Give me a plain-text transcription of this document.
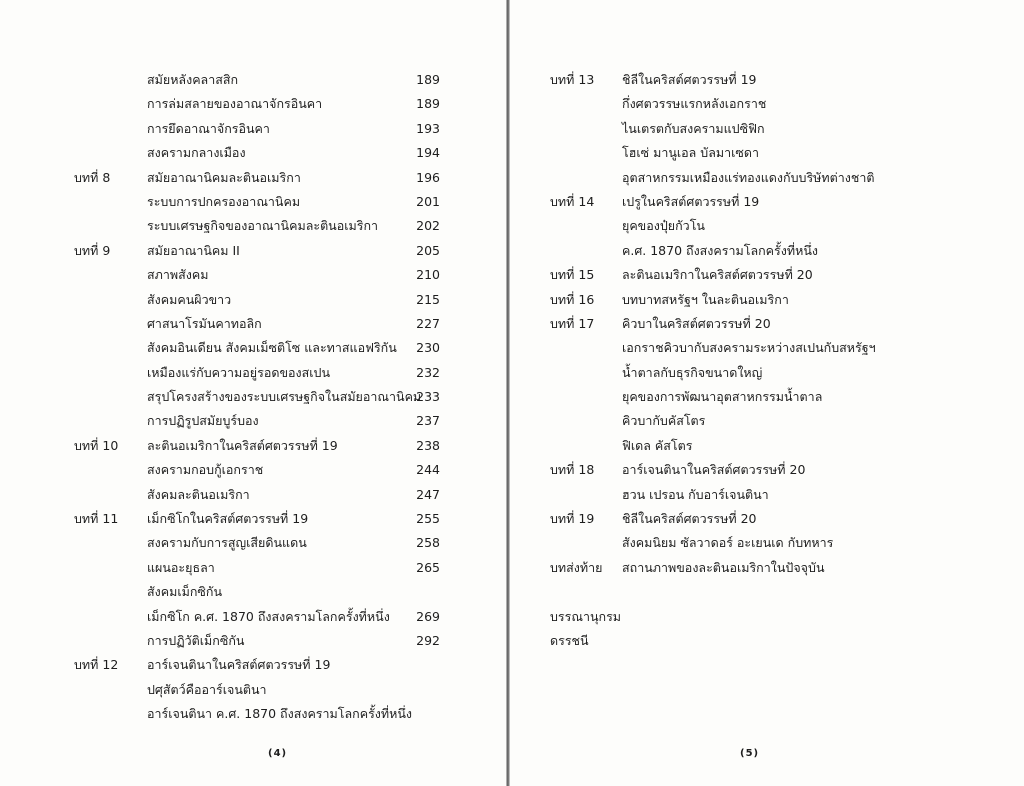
สมัยหลังคลาสสิก
การล่มสลายของอาณาจักรอินคา
การยึดอาณาจักรอินคา
สงครามกลางเมือง
บทที่ 8	สมัยอาณานิคมละตินอเมริกา
ระบบการปกครองอาณานิคม
ระบบเศรษฐกิจของอาณานิคมละตินอเมริกา
บทที่ 9	สมัยอาณานิคม II
สภาพสังคม
สังคมคนผิวขาว
ศาสนาโรมันคาทอลิก
สังคมอินเดียน สังคมเม็ซติโซ และทาสแอฟริกัน
เหมืองแร่กับความอยู่รอดของสเปน
สรุปโครงสร้างของระบบเศรษฐกิจในสมัยอาณานิคม
การปฏิรูปสมัยบูร์บอง
บทที่ 10 ละตินอเมริกาในคริสต์ศตวรรษที่ 19
สงครามกอบกู้เอกราช
สังคมละตินอเมริกา
บทที่ 11 เม็กซิโกในคริสต์ศตวรรษที่ 19
สงครามกับการสูญเสียดินแดน
แผนอะยุธลา
สังคมเม็กซิกัน
เม็กซิโก ค.ศ. 1870 ถึงสงครามโลกครั้งที่หนึ่ง
การปฏิวัติเม็กซิกัน
บทที่ 12 อาร์เจนตินาในคริสต์ศตวรรษที่ 19
ปศุสัตว์คืออาร์เจนตินา
อาร์เจนตินา ค.ศ. 1870 ถึงสงครามโลกครั้งที่หนึ่ง
(4)
บทที่ 13 ชิลีในคริสต์ศตวรรษที่ 19
189
กึ่งศตวรรษแรกหลังเอกราช
189
ไนเตรตกับสงครามแปซิฟิก
193
โฮเซ่ มานูเอล บัลมาเซดา
194
อุตสาหกรรมเหมืองแร่ทองแดงกับบริษัทต่างชาติ
196
บทที่ 14 เปรูในคริสต์ศตวรรษที่ 19
201
ยุคของปุ๋ยกัวโน
202
ค.ศ. 1870 ถึงสงครามโลกครั้งที่หนึ่ง
205
บทที่ 15 ละตินอเมริกาในคริสต์ศตวรรษที่ 20
210
บทที่ 16 บทบาทสหรัฐฯ ในละตินอเมริกา
215
บทที่ 17 คิวบาในคริสต์ศตวรรษที่ 20
227
เอกราชคิวบากับสงครามระหว่างสเปนกับสหรัฐฯ
230
น้ำตาลกับธุรกิจขนาดใหญ่
232
ยุคของการพัฒนาอุตสาหกรรมน้ำตาล
233
คิวบากับคัสโตร
237
ฟิเดล คัสโตร
238
บทที่ 18 อาร์เจนตินาในคริสต์ศตวรรษที่ 20
244
ฮวน เปรอน กับอาร์เจนตินา
247
บทที่ 19 ชิลีในคริสต์ศตวรรษที่ 20
255
สังคมนิยม ซัลวาดอร์ อะเยนเด กับทหาร
258
บทส่งท้าย สถานภาพของละตินอเมริกาในปัจจุบัน
265
บรรณานุกรม
269
ดรรชนี
292
(5)
